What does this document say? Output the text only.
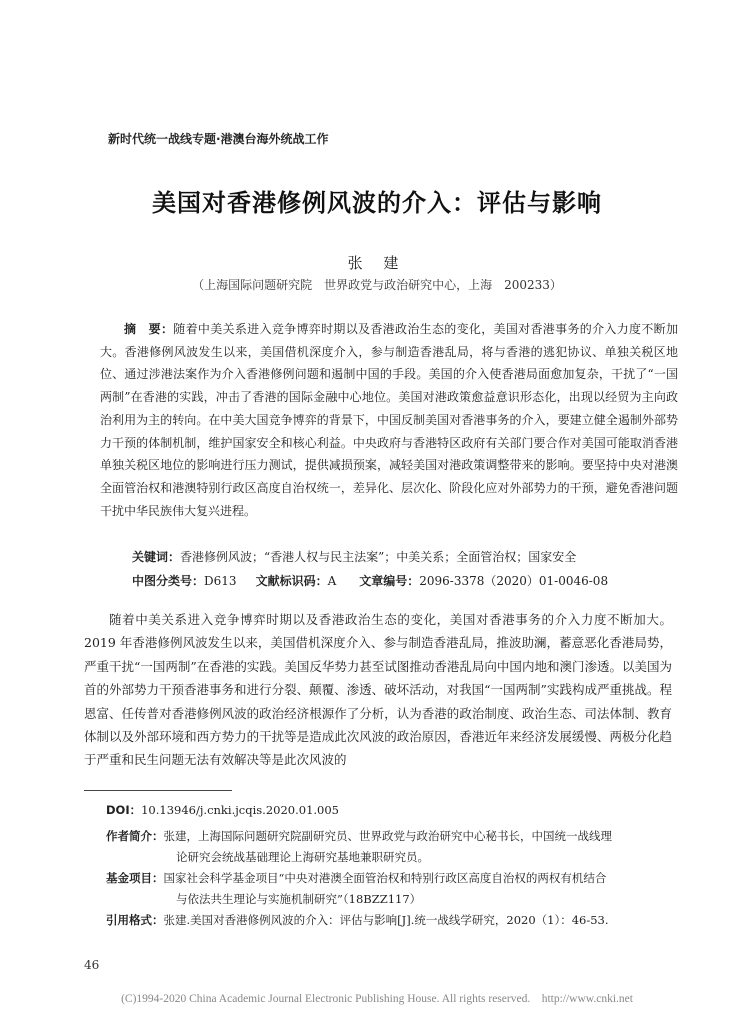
新时代统一战线专题·港澳台海外统战工作
美国对香港修例风波的介入：评估与影响
张 建
（上海国际问题研究院　世界政党与政治研究中心，上海　200233）

摘　要：随着中美关系进入竞争博弈时期以及香港政治生态的变化，美国对香港事务的介入力度不断加大。香港修例风波发生以来，美国借机深度介入，参与制造香港乱局，将与香港的逃犯协议、单独关税区地位、通过涉港法案作为介入香港修例问题和遏制中国的手段。美国的介入使香港局面愈加复杂，干扰了“一国两制”在香港的实践，冲击了香港的国际金融中心地位。美国对港政策愈益意识形态化，出现以经贸为主向政治利用为主的转向。在中美大国竞争博弈的背景下，中国反制美国对香港事务的介入，要建立健全遏制外部势力干预的体制机制，维护国家安全和核心利益。中央政府与香港特区政府有关部门要合作对美国可能取消香港单独关税区地位的影响进行压力测试，提供减损预案，减轻美国对港政策调整带来的影响。要坚持中央对港澳全面管治权和港澳特别行政区高度自治权统一，差异化、层次化、阶段化应对外部势力的干预，避免香港问题干扰中华民族伟大复兴进程。

关键词：香港修例风波；“香港人权与民主法案”；中美关系；全面管治权；国家安全
中图分类号：D613 文献标识码：A 文章编号：2096-3378（2020）01-0046-08

随着中美关系进入竞争博弈时期以及香港政治生态的变化，美国对香港事务的介入力度不断加大。2019 年香港修例风波发生以来，美国借机深度介入、参与制造香港乱局，推波助澜，蓄意恶化香港局势，严重干扰“一国两制”在香港的实践。美国反华势力甚至试图推动香港乱局向中国内地和澳门渗透。以美国为首的外部势力干预香港事务和进行分裂、颠覆、渗透、破坏活动，对我国“一国两制”实践构成严重挑战。程恩富、任传普对香港修例风波的政治经济根源作了分析，认为香港的政治制度、政治生态、司法体制、教育体制以及外部环境和西方势力的干扰等是造成此次风波的政治原因，香港近年来经济发展缓慢、两极分化趋于严重和民生问题无法有效解决等是此次风波的

DOI：10.13946/j.cnki.jcqis.2020.01.005
作者简介：张建，上海国际问题研究院副研究员、世界政党与政治研究中心秘书长，中国统一战线理
论研究会统战基础理论上海研究基地兼职研究员。
基金项目：国家社会科学基金项目“中央对港澳全面管治权和特别行政区高度自治权的两权有机结合
与依法共生理论与实施机制研究”（18BZZ117）
引用格式：张建.美国对香港修例风波的介入：评估与影响[J].统一战线学研究，2020（1）：46-53.
46
(C)1994-2020 China Academic Journal Electronic Publishing House. All rights reserved.　http://www.cnki.net
